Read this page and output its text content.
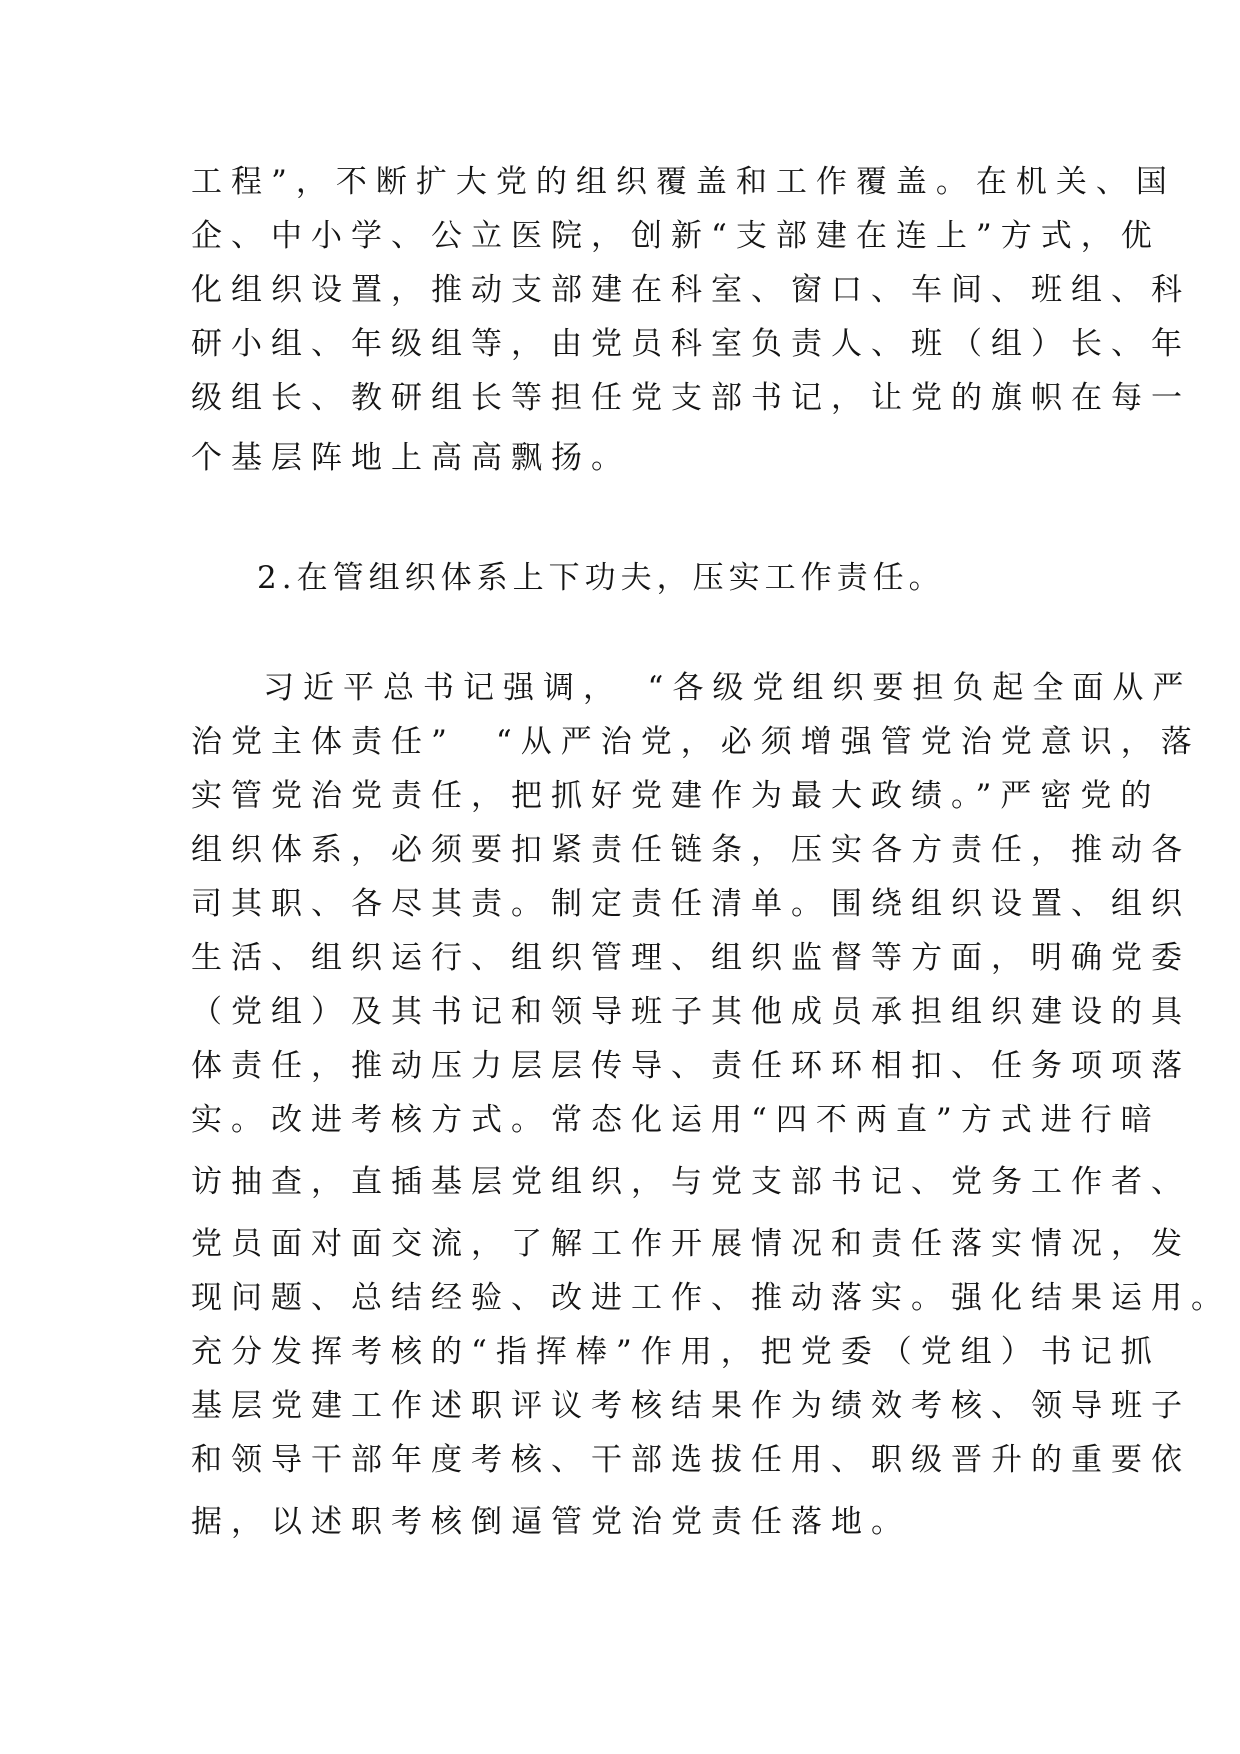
工程”，不断扩大党的组织覆盖和工作覆盖。在机关、国
企、中小学、公立医院，创新“支部建在连上”方式，优
化组织设置，推动支部建在科室、窗口、车间、班组、科
研小组、年级组等，由党员科室负责人、班（组）长、年
级组长、教研组长等担任党支部书记，让党的旗帜在每一
个基层阵地上高高飘扬。
2.在管组织体系上下功夫，压实工作责任。
习近平总书记强调，　“各级党组织要担负起全面从严
治党主体责任”　“从严治党，必须增强管党治党意识，落
实管党治党责任，把抓好党建作为最大政绩。”严密党的
组织体系，必须要扣紧责任链条，压实各方责任，推动各
司其职、各尽其责。制定责任清单。围绕组织设置、组织
生活、组织运行、组织管理、组织监督等方面，明确党委
（党组）及其书记和领导班子其他成员承担组织建设的具
体责任，推动压力层层传导、责任环环相扣、任务项项落
实。改进考核方式。常态化运用“四不两直”方式进行暗
访抽查，直插基层党组织，与党支部书记、党务工作者、
党员面对面交流，了解工作开展情况和责任落实情况，发
现问题、总结经验、改进工作、推动落实。强化结果运用。
充分发挥考核的“指挥棒”作用，把党委（党组）书记抓
基层党建工作述职评议考核结果作为绩效考核、领导班子
和领导干部年度考核、干部选拔任用、职级晋升的重要依
据，以述职考核倒逼管党治党责任落地。
